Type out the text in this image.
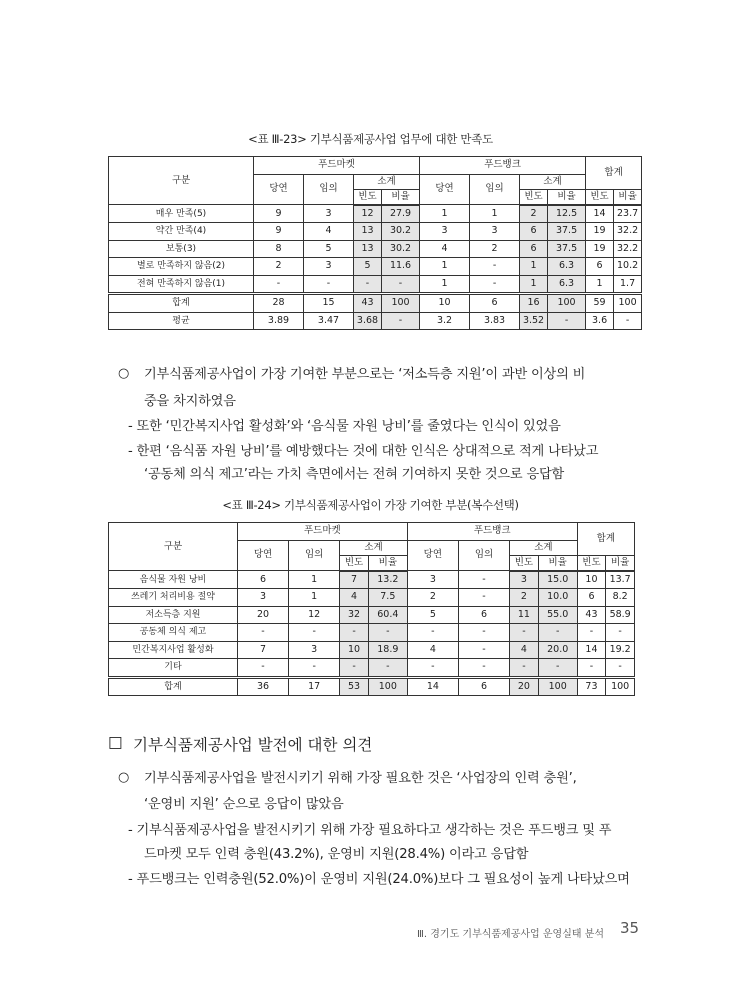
<표 Ⅲ-23> 기부식품제공사업 업무에 대한 만족도
구분	푸드마켓				푸드뱅크				합계	
	당연	임의	소계		당연	임의	소계			
			빈도	비율			빈도	비율	빈도	비율
매우 만족(5)	9	3	12	27.9	1	1	2	12.5	14	23.7
약간 만족(4)	9	4	13	30.2	3	3	6	37.5	19	32.2
보통(3)	8	5	13	30.2	4	2	6	37.5	19	32.2
별로 만족하지 않음(2)	2	3	5	11.6	1	-	1	6.3	6	10.2
전혀 만족하지 않음(1)	-	-	-	-	1	-	1	6.3	1	1.7
합계	28	15	43	100	10	6	16	100	59	100
평균	3.89	3.47	3.68	-	3.2	3.83	3.52	-	3.6	-
○ 기부식품제공사업이 가장 기여한 부분으로는 ‘저소득층 지원’이 과반 이상의 비
중을 차지하였음
- 또한 ‘민간복지사업 활성화’와 ‘음식물 자원 낭비’를 줄였다는 인식이 있었음
- 한편 ‘음식품 자원 낭비’를 예방했다는 것에 대한 인식은 상대적으로 적게 나타났고
‘공동체 의식 제고’라는 가치 측면에서는 전혀 기여하지 못한 것으로 응답함
<표 Ⅲ-24> 기부식품제공사업이 가장 기여한 부분(복수선택)
구분	푸드마켓				푸드뱅크				합계	
	당연	임의	소계		당연	임의	소계			
			빈도	비율			빈도	비율	빈도	비율
음식물 자원 낭비	6	1	7	13.2	3	-	3	15.0	10	13.7
쓰레기 처리비용 절약	3	1	4	7.5	2	-	2	10.0	6	8.2
저소득층 지원	20	12	32	60.4	5	6	11	55.0	43	58.9
공동체 의식 제고	-	-	-	-	-	-	-	-	-	-
민간복지사업 활성화	7	3	10	18.9	4	-	4	20.0	14	19.2
기타	-	-	-	-	-	-	-	-	-	-
합계	36	17	53	100	14	6	20	100	73	100
□ 기부식품제공사업 발전에 대한 의견
○ 기부식품제공사업을 발전시키기 위해 가장 필요한 것은 ‘사업장의 인력 충원’,
‘운영비 지원’ 순으로 응답이 많았음
- 기부식품제공사업을 발전시키기 위해 가장 필요하다고 생각하는 것은 푸드뱅크 및 푸
드마켓 모두 인력 충원(43.2%), 운영비 지원(28.4%) 이라고 응답함
- 푸드뱅크는 인력충원(52.0%)이 운영비 지원(24.0%)보다 그 필요성이 높게 나타났으며
Ⅲ. 경기도 기부식품제공사업 운영실태 분석 35
